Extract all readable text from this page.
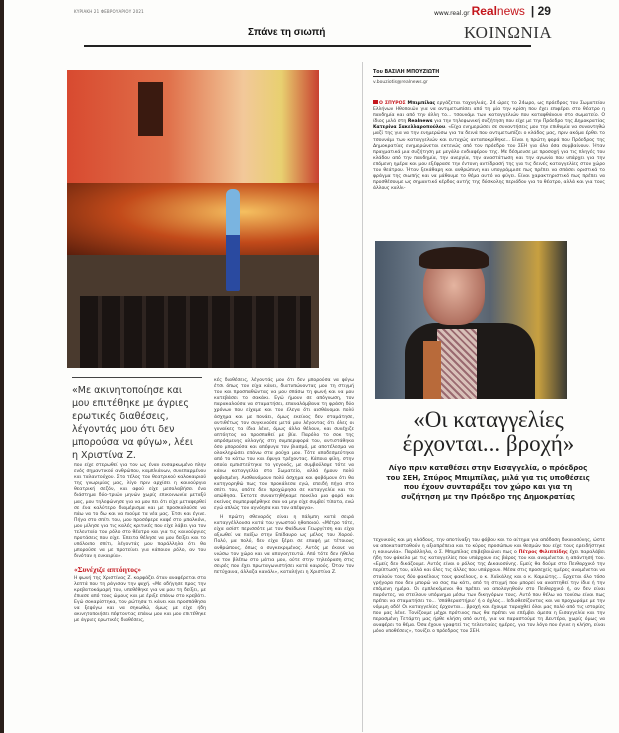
ΚΥΡΙΑΚΗ 21 ΦΕΒΡΟΥΑΡΙΟΥ 2021	www.real.gr Realnews | 29
Σπάνε τη σιωπή	ΚΟΙΝΩΝΙΑ
«Με ακινητοποίησε και μου επιτέθηκε με άγριες ερωτικές διαθέσεις, λέγοντάς μου ότι δεν μπορούσα να φύγω», λέει η Χριστίνα Ζ.
που είχε στερωθεί για τον ως έναν ενσαρκωμένο πλην ενός σημαντικού ανθρώπου, καμπλιάνων, συνεπαρμένου και ταλαντούχου. Στο τέλος του θεατρικού καλοκαιριού της γνωριμίας μας, λίγο πριν αρχίσει η καινούργια θεατρική σεζόν, και αφού είχε μεσολαβήσει ένα διάστημα δύο-τριών μηνών χωρίς επικοινωνία μεταξύ μας, μου τηλεφώνησε για να μου πει ότι είχε μεταφερθεί σε ένα καλύτερο διαμέρισμα και με προσκαλούσε να πάω να το δω και να πιούμε τα νέα μας. Έτσι και έγινε. Πήγα στο σπίτι του, μου προσέφερε καφέ στο μπαλκόνι, μου μίλησε για τις καλές κριτικές που είχε λάβει για τον τελευταίο του ρόλο στο θέατρο και για τις καινούργιες προτάσεις που είχε. Έπειτα θέλησε να μου δείξει και το υπόλοιπο σπίτι, λέγοντάς μου παράλληλα ότι θα μπορούσε να με προτείνει για κάποιον ρόλο, αν του δινόταν η ευκαιρία».
«Συνέχιζε απτόητος»
Η φωνή της Χριστίνας Ζ. καρφάζει όταν αναφέρεται στα λεπτά που τη ράγισαν την ψυχή. «Με οδήγησε προς την κρεβατοκάμαρή του, υπεθέθηκε για να μου τη δείξει, με έπιασε από τους ώμους και με έριξε επάνω στο κρεβάτι. Εγώ σοκαρίστηκα, τον ρώτησα τι κάνει και προσπάθησα να ξεφύγω και να σηκωθώ, όμως με είχε ήδη ακινητοποιήσει πέφτοντας επάνω μου και μου επιτέθηκε με άγριες ερωτικές διαθέσεις,

κές διαθέσεις, λέγοντάς μου ότι δεν μπορούσα να φύγω έτσι όπως τον είχα κάνει, διατυπώνοντας μου τη στιγμή του και προσπαθώντας να μου σπάσω τη φωνή και να μου κατεβάσει το σακάκι. Εγώ ήμουν σε απόγνωση, τον παρακαλούσα να σταματήσει, επαναλάμβανα τη φράση δύο χρόνων που είχαμε και του έλεγα ότι αισθάνομαι πολύ άσχημα και με πονάει, όμως εκείνος δεν σταμάτησε, αντιθέτως τον συγκινούσε μετά μου λέγοντας ότι όλες οι γυναίκες τα ίδια λένε, όμως άλλα θέλουν, και συνέχιζε απτόητος να προσπαθεί με βία. Παρόλο το σοκ της απρόσμενης αλλαγής στη συμπεριφορά του, αντιστάθηκα όσο μπορούσα και απέφυγα τον βιασμό, με αποτέλεσμα να ολοκληρώσει επάνω στα ρούχα μου. Τότε αποδεσμεύτηκα από το κάτω του και έφυγα τρέχοντας. Κάποια φίλη, στην οποία εμπιστεύτηκα το γεγονός, με συμβούλεψε τότε να κάνω καταγγελία στο Σωματείο, αλλά ήμουν πολύ φοβισμένη. Αισθανόμουν πολύ άσχημα και φοβόμουν ότι θα κατηγορηθώ πως τον προκάλεσα εγώ, επειδή πήγα στο σπίτι του, οπότε δεν προχώρησα σε καταγγελία και το απώθησα. Έκτοτε συναντηθήκαμε ποικίλα μια φορά και εκείνος συμπεριφέρθηκε σαν να μην είχε συμβεί τίποτα, ενώ εγώ απλώς τον αγνόησα και τον απέφυγα».

Η πρώτη σθεναρός είναι η πάλμπη κατά σειρά καταγγέλλουσα κατά του γνωστού ηθοποιού. «Μέτρο τότε, είχα ασίστ περισσότε με τον Φαίδωνα Γεωργίτση και είχα αξιωθεί να παίξω στην Επίδαυρο ως μέλος του Χορού. Πολύ, μα πολύ, δεν είχα ξέρει σε επαφή με τέτοιους ανθρώπους, όπως ο συγκεκριμένος. Αυτός με έκανε να νιώσω τον χώρο και να απογοητευτώ. Από τότε δεν ήθελα να τον βλέπω στο μάτια μου, ούτε στην τηλεόραση στις σειρές που έχει πρωταγωνιστήσει κατά καιρούς. Όταν τον πετύχαινα, άλλαζα κανάλι», καταλήγει η Χριστίνα Ζ.

Του ΒΑΣΙΛΗ ΜΠΟΥΖΙΩΤΗ
v.bouziotis@realnews.gr
Ο ΣΠΥΡΟΣ Μπιμπίλας εργάζεται ταχνηλιάς, 24 ώρες το 24ωρο, ως πρόεδρος του Σωματείου Ελλήνων Ηθοποιών για να αντιμετωπίσει από τη μία την κρίση που έχει επιφέρει στο θέατρο η πανδημία και από την άλλη το... τσουνάμι των καταγγελιών που καταφθάνουν στο σωματείο. Ο ίδιος μιλά στη Realnews για την τηλεφωνική συζήτηση που είχε με την Πρόεδρο της Δημοκρατίας Κατερίνα Σακελλαροπούλου. «Είχα ενημερώσει σε συναντήσεις μου την επιθυμία να συναντηθώ μαζί της για να την ενημερώσω για τα δεινά που αντιμετωπίζει ο κλάδος μας, πριν ακόμα έρθει το τσουνάμι των καταγγελιών και ευτυχώς ανταποκρίθηκε... Είναι η πρώτη φορά που Πρόεδρος της Δημοκρατίας ενημερώνεται εκτενώς από τον πρόεδρο του ΣΕΗ για όλα όσα συμβαίνουν. Ήταν πραγματικά μια συζήτηση με μεγάλο ενδιαφέρον της. Με δέσμευσε με προσοχή για τις πληγές του κλάδου από την πανδημία, την ανεργία, την αναστάτωση και την αγωνία που υπάρχει για την επόμενη ημέρα και μου εξέφρασε την έντονη αντίδρασή της για τις δεινές καταγγελίες στον χώρο του θεάτρου. Ήταν ξεκάθαρη και ανθρώπινη και υπογράμμισε πως πρέπει να σπάσει οριστικά το φράγμα της σιωπής και να μάθουμε το θέμα αυτό να φύγει. Είναι χαρακτηριστικό πως πρέπει να προσθέσουμε ως σημαντικό κέρδος αυτής της δύσκολης περιόδου για το θέατρο, αλλά και για τους άλλους καλλι-
«Οι καταγγελίες έρχονται... βροχή»
Λίγο πριν καταθέσει στην Εισαγγελία, ο πρόεδρος του ΣΕΗ, Σπύρος Μπιμπίλας, μιλά για τις υποθέσεις που έχουν συνταράξει τον χώρο και για τη συζήτηση με την Πρόεδρο της Δημοκρατίας
τεχνικούς και μη κλάδους, την αποτίναξη του φόβου και το αίτημα για απόδοση δικαιοσύνης, ώστε να αποκατασταθούν η αξιοπρέπεια και το κύρος προσώπων και θεσμών που είχε τους ερειδήστηκε η κοινωνία». Παράλληλα, ο Σ. Μπιμπίλας επιβεβαιώνει πως ο Πέτρος Φιλιππίδης έχει παραλάβει ήδη τον φάκελο με τις καταγγελίες που υπάρχουν εις βάρος του και αναμένεται η απάντησή του. «Εμείς δεν δικάζουμε. Αυτός είναι ο ρόλος της Δικαιοσύνης. Εμείς θα δούμε στο Πειθαρχικό την περίπτωσή του, αλλά και όλες τις άλλες που υπάρχουν. Μέσα στις προσεχείς ημέρες αναμένεται να σταλούν τους δύο φακέλους τους φακέλους, ο κ. Χαϊκάλης και ο κ. Καμιώτης... Ερχεται όλο τόσο γρήγορα που δεν μπορώ να σας πω κάτι, από τη στιγμή που μπορεί να αναπτηθεί την ίδια ή την επόμενη ημέρα. Οι εμπλεκόμενοι θα πρέπει να απολογηθούν στο Πειθαρχικό ή, αν δεν είναι παρόντες, να στείλουν υπόμνημα μέσω των δικηγόρων τους. Αυτό που θέλω να τονίσω είναι πως πρέπει να σταματήσει το... 'σπάθεραστήριο' ή ο όχλος... Ιεδιοθεσίζοντας και να προχωράμε με την νόμιμη οδό! Οι καταγγελίες έρχονται... βροχή και έχουμε ταραχθεί όλοι μας πολύ από τις ιστορίες που μας λένε. Τονίζουμε μέχρι πρότινος πως θα πρέπει να επέμβει άμεσα η Εισαγγελία και την περασμένη Τετάρτη μας ήρθε κλήση από αυτή, για να παραστούμε τη Δευτέρα, χωρίς όμως να αναφέρει το θέμα. Όσα έχουν γραφτεί τις τελευταίες ημέρες, για τον λόγο που έγινε η κλήση, είναι μόνο υποθέσεις», τονίζει ο πρόεδρος του ΣΕΗ.
